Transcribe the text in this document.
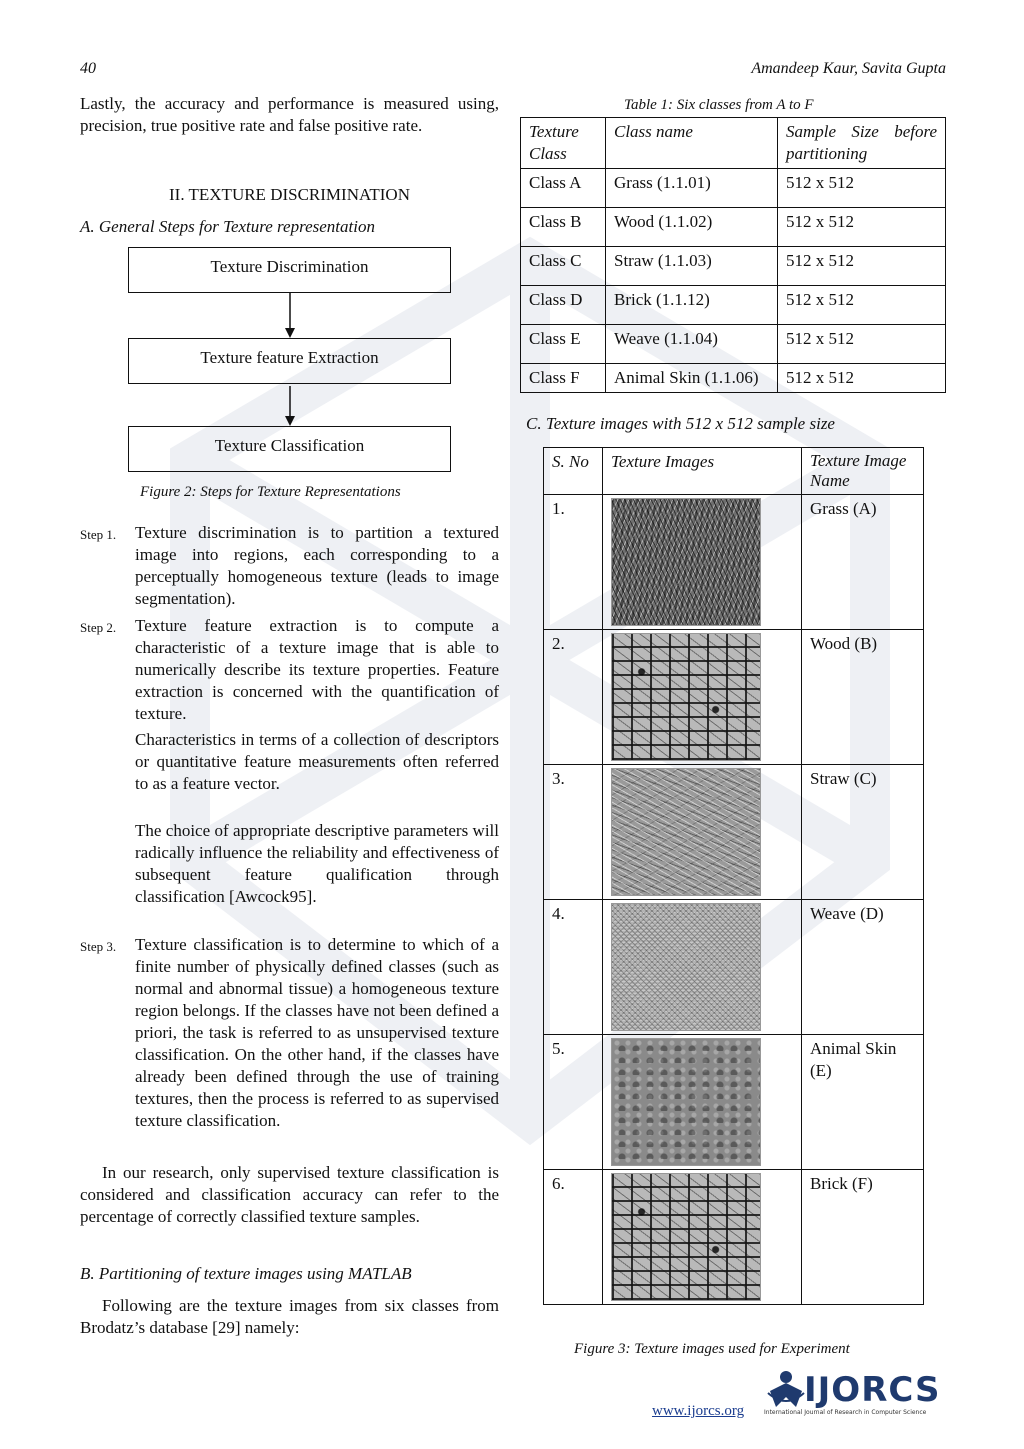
40	Amandeep Kaur, Savita Gupta
Lastly, the accuracy and performance is measured using, precision, true positive rate and false positive rate.
II. TEXTURE DISCRIMINATION
A. General Steps for Texture representation
Texture Discrimination
Texture feature Extraction
Texture Classification
Figure 2: Steps for Texture Representations
Step 1. Texture discrimination is to partition a textured image into regions, each corresponding to a perceptually homogeneous texture (leads to image segmentation).
Step 2. Texture feature extraction is to compute a characteristic of a texture image that is able to numerically describe its texture properties. Feature extraction is concerned with the quantification of texture.
Characteristics in terms of a collection of descriptors or quantitative feature measurements often referred to as a feature vector.
The choice of appropriate descriptive parameters will radically influence the reliability and effectiveness of subsequent feature qualification through classification [Awcock95].
Step 3. Texture classification is to determine to which of a finite number of physically defined classes (such as normal and abnormal tissue) a homogeneous texture region belongs. If the classes have not been defined a priori, the task is referred to as unsupervised texture classification. On the other hand, if the classes have already been defined through the use of training textures, then the process is referred to as supervised texture classification.
In our research, only supervised texture classification is considered and classification accuracy can refer to the percentage of correctly classified texture samples.
B. Partitioning of texture images using MATLAB
Following are the texture images from six classes from Brodatz’s database [29] namely:
Table 1: Six classes from A to F
Texture Class	Class name	Sample Size before partitioning
Class A	Grass (1.1.01)	512 x 512
Class B	Wood (1.1.02)	512 x 512
Class C	Straw (1.1.03)	512 x 512
Class D	Brick (1.1.12)	512 x 512
Class E	Weave (1.1.04)	512 x 512
Class F	Animal Skin (1.1.06)	512 x 512
C. Texture images with 512 x 512 sample size
S. No	Texture Images	Texture Image Name
1.		Grass (A)
2.		Wood (B)
3.		Straw (C)
4.		Weave (D)
5.		Animal Skin (E)
6.		Brick (F)
Figure 3: Texture images used for Experiment
www.ijorcs.org
IJORCS
International Journal of Research in Computer Science
